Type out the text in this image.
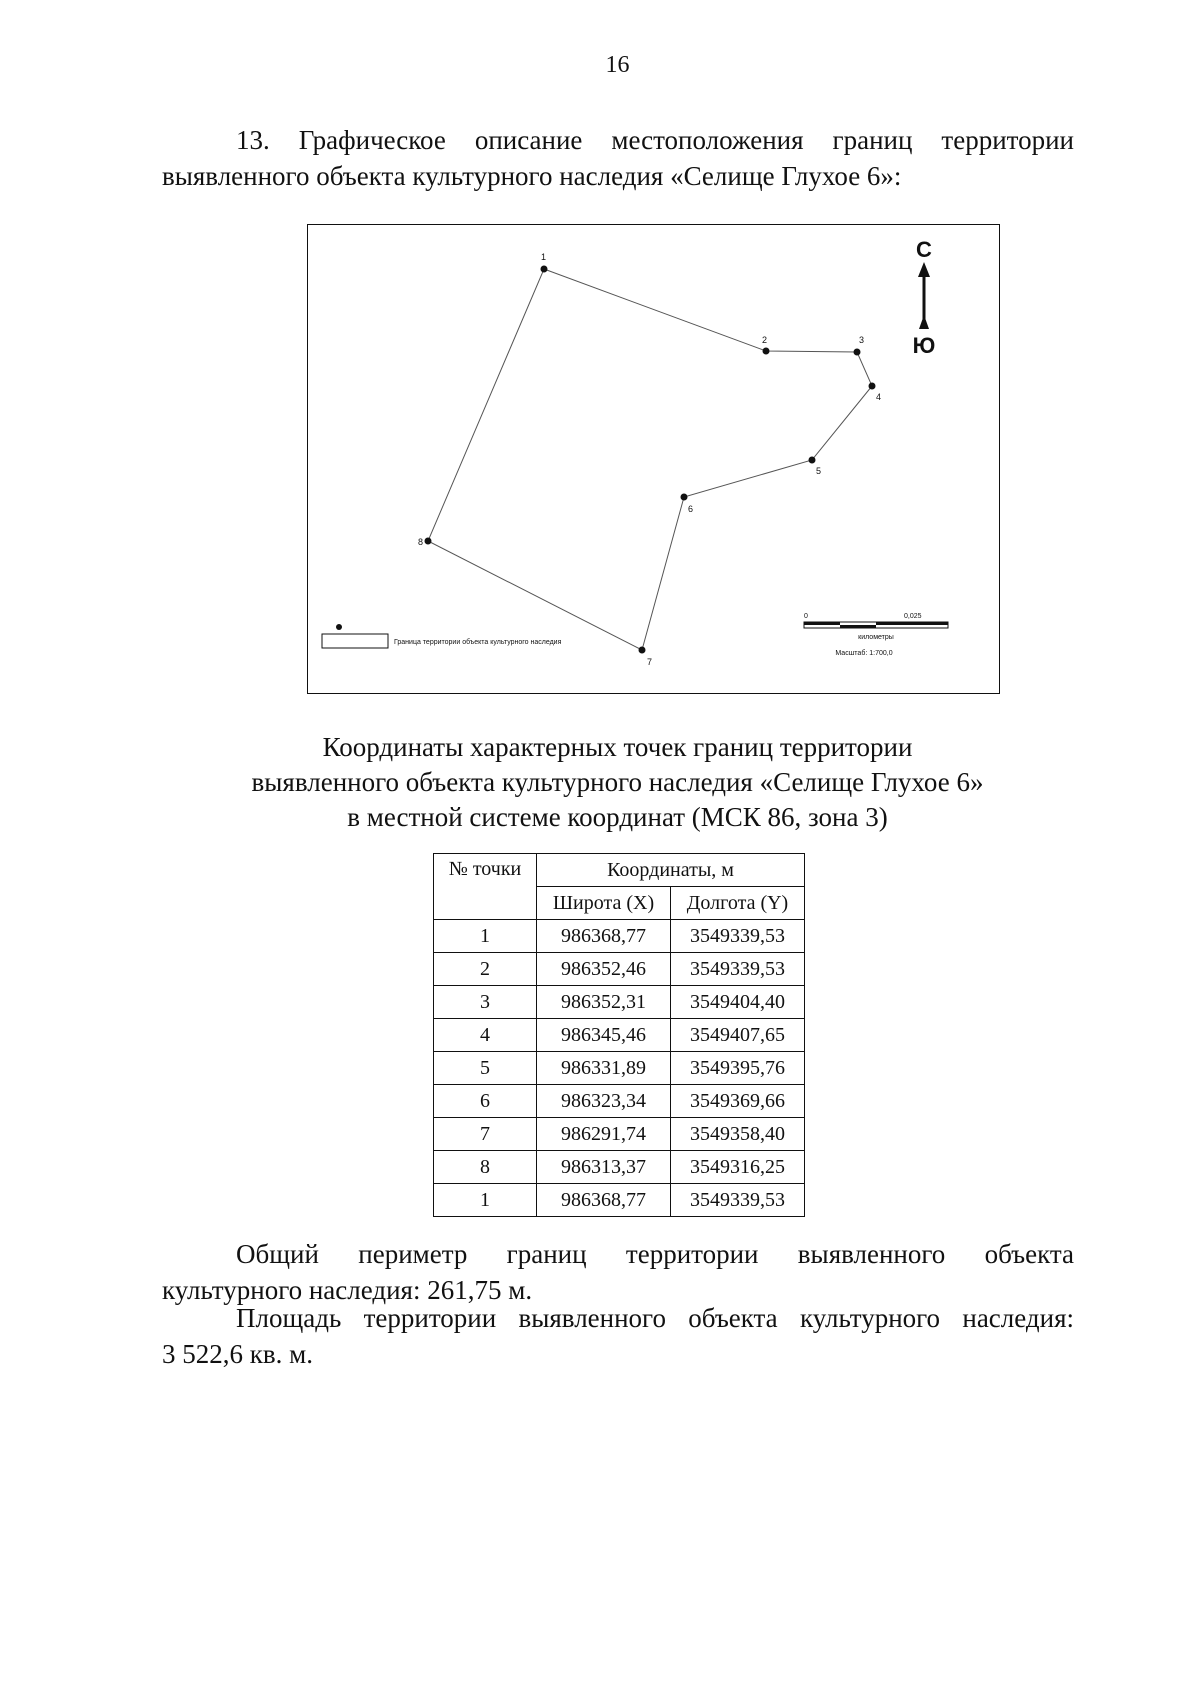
16
13. Графическое описание местоположения границ территории
выявленного объекта культурного наследия «Селище Глухое 6»:
1
2	3
4
5
6
7
8
С
Ю
Граница территории объекта культурного наследия
0	0,025
километры
Масштаб: 1:700,0
Координаты характерных точек границ территории
выявленного объекта культурного наследия «Селище Глухое 6»
в местной системе координат (МСК 86, зона 3)
№ точки	Координаты, м	
	Широта (X)	Долгота (Y)
1	986368,77	3549339,53
2	986352,46	3549339,53
3	986352,31	3549404,40
4	986345,46	3549407,65
5	986331,89	3549395,76
6	986323,34	3549369,66
7	986291,74	3549358,40
8	986313,37	3549316,25
1	986368,77	3549339,53
Общий периметр границ территории выявленного объекта
культурного наследия: 261,75 м.
Площадь территории выявленного объекта культурного наследия:
3 522,6 кв. м.
